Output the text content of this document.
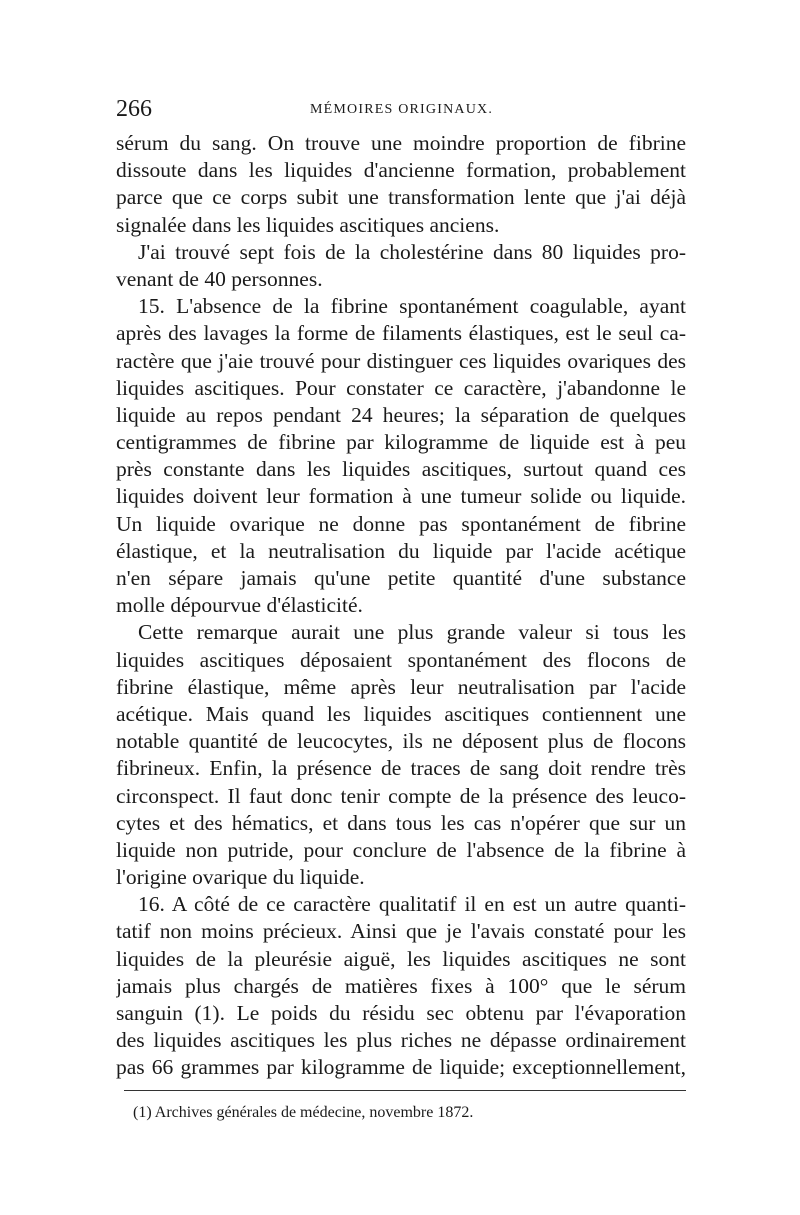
266	MÉMOIRES ORIGINAUX.
sérum du sang. On trouve une moindre proportion de fibrine
dissoute dans les liquides d'ancienne formation, probablement
parce que ce corps subit une transformation lente que j'ai déjà
signalée dans les liquides ascitiques anciens.
J'ai trouvé sept fois de la cholestérine dans 80 liquides pro-
venant de 40 personnes.
15. L'absence de la fibrine spontanément coagulable, ayant
après des lavages la forme de filaments élastiques, est le seul ca-
ractère que j'aie trouvé pour distinguer ces liquides ovariques des
liquides ascitiques. Pour constater ce caractère, j'abandonne le
liquide au repos pendant 24 heures; la séparation de quelques
centigrammes de fibrine par kilogramme de liquide est à peu
près constante dans les liquides ascitiques, surtout quand ces
liquides doivent leur formation à une tumeur solide ou liquide.
Un liquide ovarique ne donne pas spontanément de fibrine
élastique, et la neutralisation du liquide par l'acide acétique
n'en sépare jamais qu'une petite quantité d'une substance
molle dépourvue d'élasticité.
Cette remarque aurait une plus grande valeur si tous les
liquides ascitiques déposaient spontanément des flocons de
fibrine élastique, même après leur neutralisation par l'acide
acétique. Mais quand les liquides ascitiques contiennent une
notable quantité de leucocytes, ils ne déposent plus de flocons
fibrineux. Enfin, la présence de traces de sang doit rendre très
circonspect. Il faut donc tenir compte de la présence des leuco-
cytes et des hématics, et dans tous les cas n'opérer que sur un
liquide non putride, pour conclure de l'absence de la fibrine à
l'origine ovarique du liquide.
16. A côté de ce caractère qualitatif il en est un autre quanti-
tatif non moins précieux. Ainsi que je l'avais constaté pour les
liquides de la pleurésie aiguë, les liquides ascitiques ne sont
jamais plus chargés de matières fixes à 100° que le sérum
sanguin (1). Le poids du résidu sec obtenu par l'évaporation
des liquides ascitiques les plus riches ne dépasse ordinairement
pas 66 grammes par kilogramme de liquide; exceptionnellement,
(1) Archives générales de médecine, novembre 1872.
